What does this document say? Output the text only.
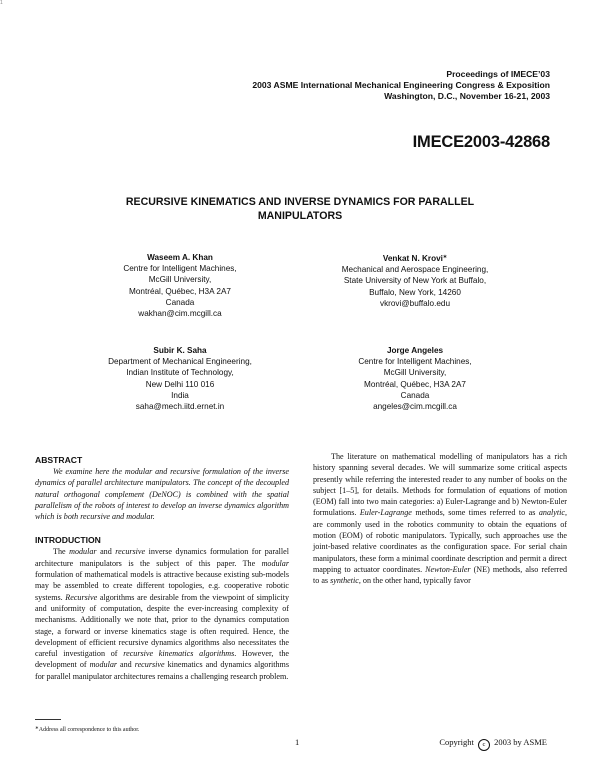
1
Proceedings of IMECE’03
2003 ASME International Mechanical Engineering Congress & Exposition
Washington, D.C., November 16-21, 2003
IMECE2003-42868
RECURSIVE KINEMATICS AND INVERSE DYNAMICS FOR PARALLEL
MANIPULATORS
Waseem A. Khan
Centre for Intelligent Machines,
McGill University,
Montréal, Québec, H3A 2A7
Canada
wakhan@cim.mcgill.ca
Venkat N. Krovi∗
Mechanical and Aerospace Engineering,
State University of New York at Buffalo,
Buffalo, New York, 14260
vkrovi@buffalo.edu
Subir K. Saha
Department of Mechanical Engineering,
Indian Institute of Technology,
New Delhi 110 016
India
saha@mech.iitd.ernet.in
Jorge Angeles
Centre for Intelligent Machines,
McGill University,
Montréal, Québec, H3A 2A7
Canada
angeles@cim.mcgill.ca
ABSTRACT
We examine here the modular and recursive formulation of the inverse dynamics of parallel architecture manipulators. The concept of the decoupled natural orthogonal complement (DeNOC) is combined with the spatial parallelism of the robots of interest to develop an inverse dynamics algorithm which is both recursive and modular.
INTRODUCTION
The modular and recursive inverse dynamics formulation for parallel architecture manipulators is the subject of this paper. The modular formulation of mathematical models is attractive because existing sub-models may be assembled to create different topologies, e.g. cooperative robotic systems. Recursive algorithms are desirable from the viewpoint of simplicity and uniformity of computation, despite the ever-increasing complexity of mechanisms. Additionally we note that, prior to the dynamics computation stage, a forward or inverse kinematics stage is often required. Hence, the development of efficient recursive dynamics algorithms also necessitates the careful investigation of recursive kinematics algorithms. However, the development of modular and recursive kinematics and dynamics algorithms for parallel manipulator architectures remains a challenging research problem.
The literature on mathematical modelling of manipulators has a rich history spanning several decades. We will summarize some critical aspects presently while referring the interested reader to any number of books on the subject [1–5], for details. Methods for formulation of equations of motion (EOM) fall into two main categories: a) Euler-Lagrange and b) Newton-Euler formulations. Euler-Lagrange methods, some times referred to as analytic, are commonly used in the robotics community to obtain the equations of motion (EOM) of robotic manipulators. Typically, such approaches use the joint-based relative coordinates as the configuration space. For serial chain manipulators, these form a minimal coordinate description and permit a direct mapping to actuator coordinates. Newton-Euler (NE) methods, also referred to as synthetic, on the other hand, typically favor
∗Address all correspondence to this author.
1	Copyright c 2003 by ASME
